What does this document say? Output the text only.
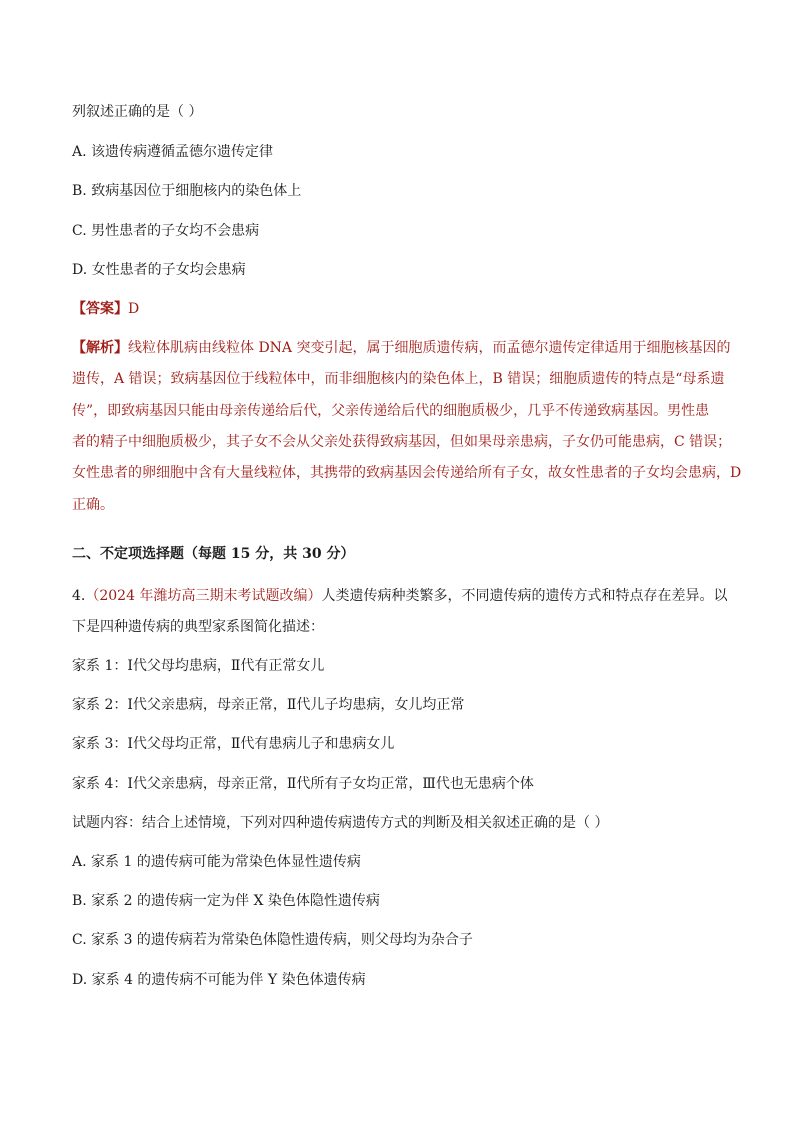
列叙述正确的是（ ）
A. 该遗传病遵循孟德尔遗传定律
B. 致病基因位于细胞核内的染色体上
C. 男性患者的子女均不会患病
D. 女性患者的子女均会患病
【答案】D
【解析】线粒体肌病由线粒体 DNA 突变引起，属于细胞质遗传病，而孟德尔遗传定律适用于细胞核基因的
遗传，A 错误；致病基因位于线粒体中，而非细胞核内的染色体上，B 错误；细胞质遗传的特点是“母系遗
传”，即致病基因只能由母亲传递给后代，父亲传递给后代的细胞质极少，几乎不传递致病基因。男性患
者的精子中细胞质极少，其子女不会从父亲处获得致病基因，但如果母亲患病，子女仍可能患病，C 错误；
女性患者的卵细胞中含有大量线粒体，其携带的致病基因会传递给所有子女，故女性患者的子女均会患病，D
正确。
二、不定项选择题（每题 15 分，共 30 分）
4.（2024 年潍坊高三期末考试题改编）人类遗传病种类繁多，不同遗传病的遗传方式和特点存在差异。以
下是四种遗传病的典型家系图简化描述：
家系 1：Ⅰ代父母均患病，Ⅱ代有正常女儿
家系 2：Ⅰ代父亲患病，母亲正常，Ⅱ代儿子均患病，女儿均正常
家系 3：Ⅰ代父母均正常，Ⅱ代有患病儿子和患病女儿
家系 4：Ⅰ代父亲患病，母亲正常，Ⅱ代所有子女均正常，Ⅲ代也无患病个体
试题内容：结合上述情境，下列对四种遗传病遗传方式的判断及相关叙述正确的是（ ）
A. 家系 1 的遗传病可能为常染色体显性遗传病
B. 家系 2 的遗传病一定为伴 X 染色体隐性遗传病
C. 家系 3 的遗传病若为常染色体隐性遗传病，则父母均为杂合子
D. 家系 4 的遗传病不可能为伴 Y 染色体遗传病
